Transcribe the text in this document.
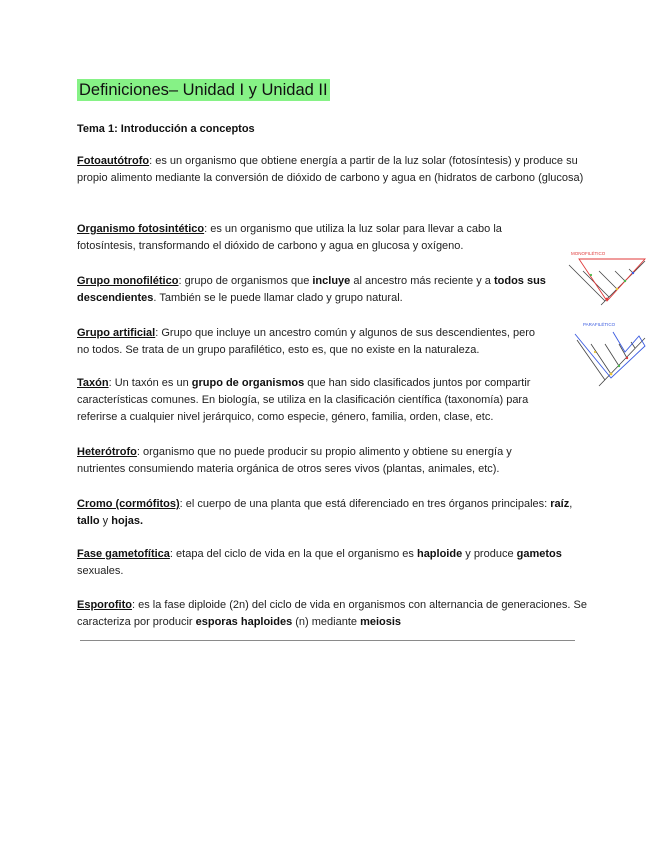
Definiciones– Unidad I y Unidad II
Tema 1: Introducción a conceptos

Fotoautótrofo: es un organismo que obtiene energía a partir de la luz solar (fotosíntesis) y produce su propio alimento mediante la conversión de dióxido de carbono y agua en (hidratos de carbono (glucosa)

Organismo fotosintético: es un organismo que utiliza la luz solar para llevar a cabo la fotosíntesis, transformando el dióxido de carbono y agua en glucosa y oxígeno.

Grupo monofilético: grupo de organismos que incluye al ancestro más reciente y a todos sus descendientes. También se le puede llamar clado y grupo natural.

Grupo artificial: Grupo que incluye un ancestro común y algunos de sus descendientes, pero no todos. Se trata de un grupo parafilético, esto es, que no existe en la naturaleza.

Taxón: Un taxón es un grupo de organismos que han sido clasificados juntos por compartir características comunes. En biología, se utiliza en la clasificación científica (taxonomía) para referirse a cualquier nivel jerárquico, como especie, género, familia, orden, clase, etc.

Heterótrofo: organismo que no puede producir su propio alimento y obtiene su energía y nutrientes consumiendo materia orgánica de otros seres vivos (plantas, animales, etc).

Cromo (cormófitos): el cuerpo de una planta que está diferenciado en tres órganos principales: raíz, tallo y hojas.

Fase gametofítica: etapa del ciclo de vida en la que el organismo es haploide y produce gametos sexuales.

Esporofito: es la fase diploide (2n) del ciclo de vida en organismos con alternancia de generaciones. Se caracteriza por producir esporas haploides (n) mediante meiosis

MONOFILÉTICO
PARAFILÉTICO
